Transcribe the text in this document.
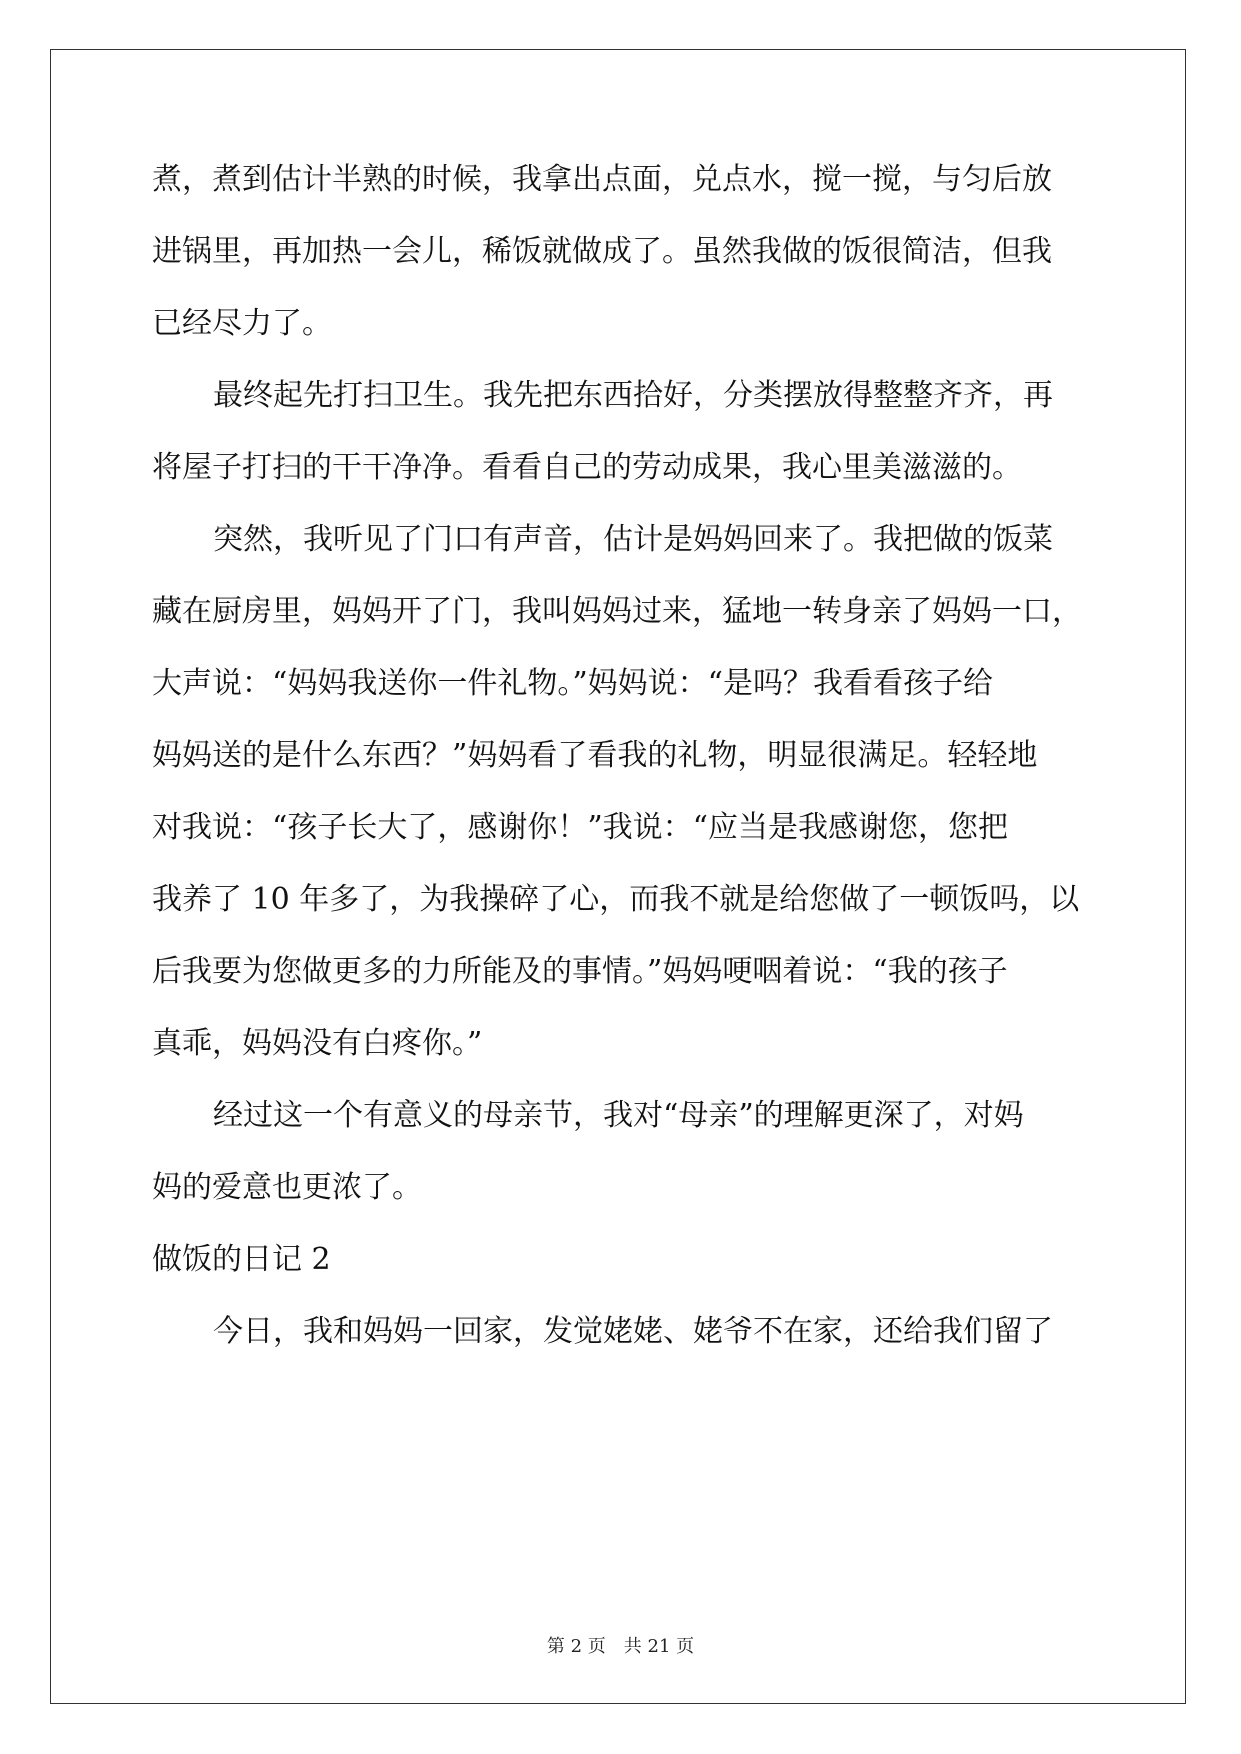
煮，煮到估计半熟的时候，我拿出点面，兑点水，搅一搅，与匀后放
进锅里，再加热一会儿，稀饭就做成了。虽然我做的饭很简洁，但我
已经尽力了。
最终起先打扫卫生。我先把东西拾好，分类摆放得整整齐齐，再
将屋子打扫的干干净净。看看自己的劳动成果，我心里美滋滋的。
突然，我听见了门口有声音，估计是妈妈回来了。我把做的饭菜
藏在厨房里，妈妈开了门，我叫妈妈过来，猛地一转身亲了妈妈一口，
大声说：“妈妈我送你一件礼物。”妈妈说：“是吗？我看看孩子给
妈妈送的是什么东西？”妈妈看了看我的礼物，明显很满足。轻轻地
对我说：“孩子长大了，感谢你！”我说：“应当是我感谢您，您把
我养了 10 年多了，为我操碎了心，而我不就是给您做了一顿饭吗，以
后我要为您做更多的力所能及的事情。”妈妈哽咽着说：“我的孩子
真乖，妈妈没有白疼你。”
经过这一个有意义的母亲节，我对“母亲”的理解更深了，对妈
妈的爱意也更浓了。
做饭的日记 2
今日，我和妈妈一回家，发觉姥姥、姥爷不在家，还给我们留了
第 2 页　共 21 页
